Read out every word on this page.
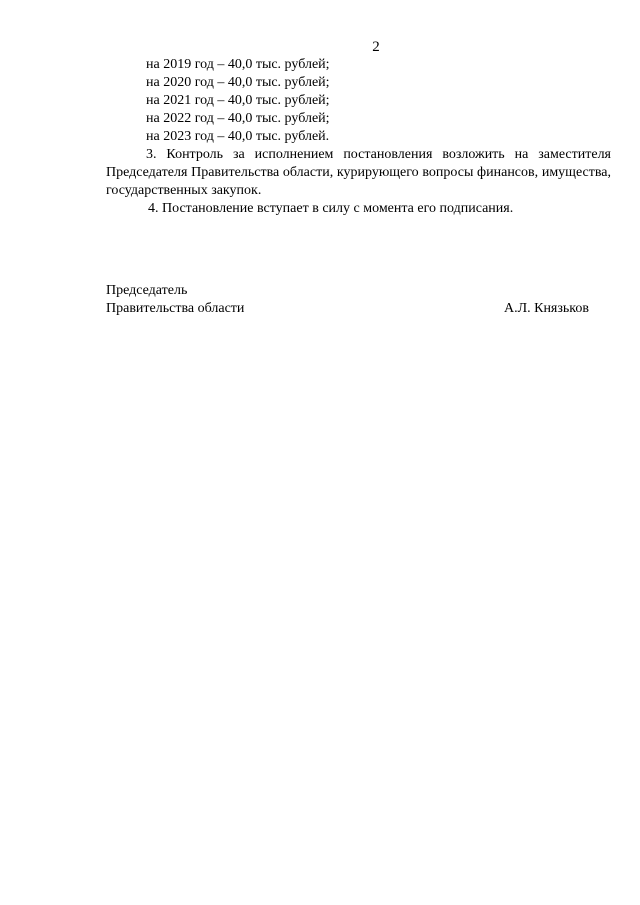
2
на 2019 год – 40,0 тыс. рублей;
на 2020 год – 40,0 тыс. рублей;
на 2021 год – 40,0 тыс. рублей;
на 2022 год – 40,0 тыс. рублей;
на 2023 год – 40,0 тыс. рублей.
3. Контроль за исполнением постановления возложить на заместителя Председателя Правительства области, курирующего вопросы финансов, имущества, государственных закупок.
4. Постановление вступает в силу с момента его подписания.
Председатель
Правительства области	А.Л. Князьков
